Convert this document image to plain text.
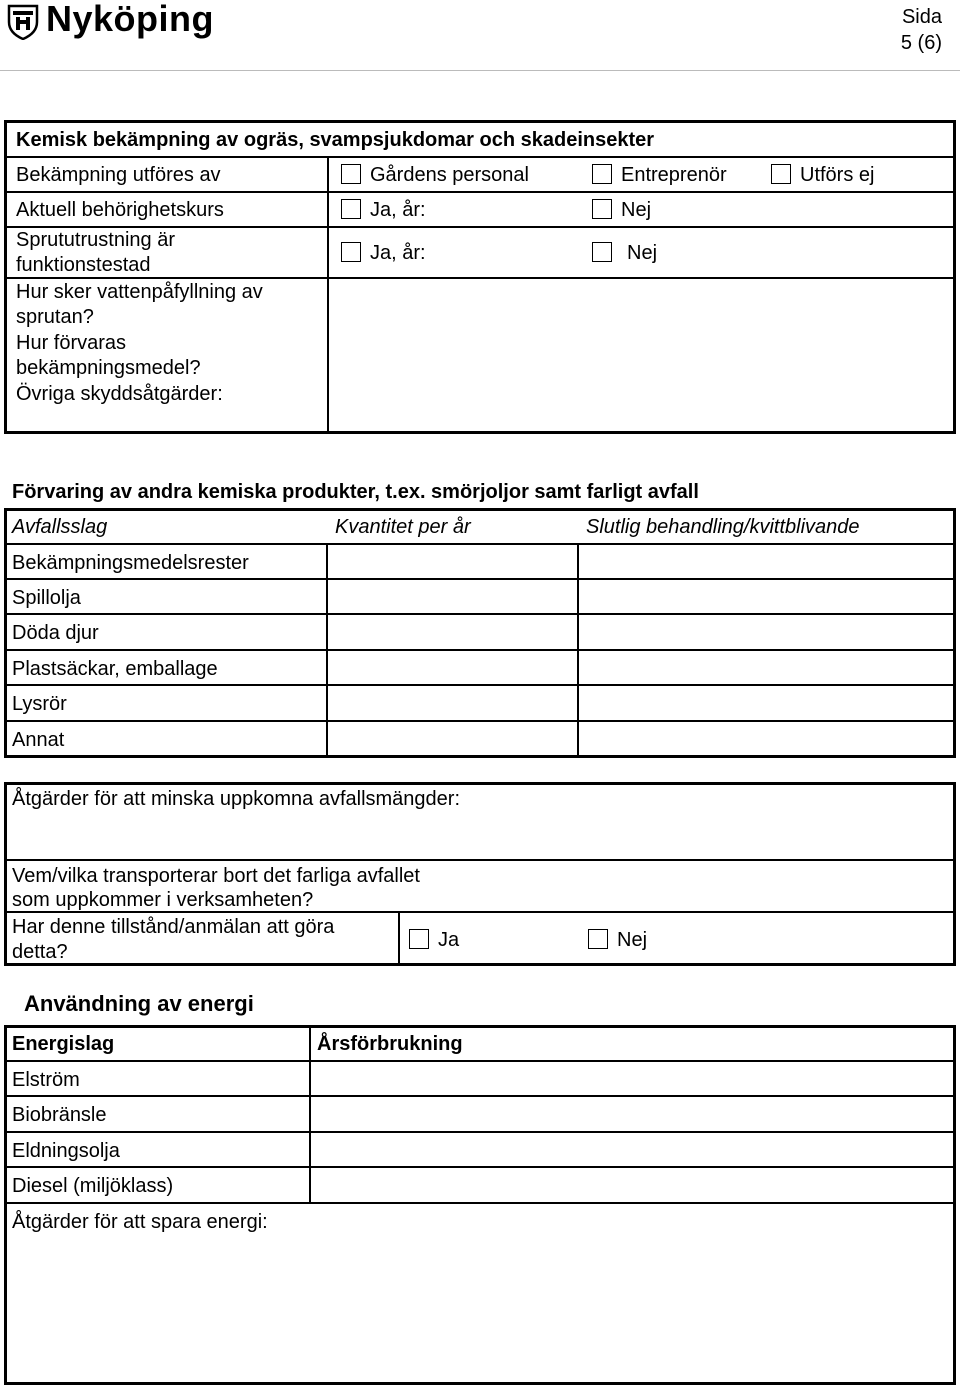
Nyköping	Sida
5 (6)
Kemisk bekämpning av ogräs, svampsjukdomar och skadeinsekter
Bekämpning utföres av	Gårdens personal	Entreprenör	Utförs ej
Aktuell behörighetskurs	Ja, år:	Nej
Sprututrustning är
funktionstestad
Ja, år:	Nej
Hur sker vattenpåfyllning av
sprutan?
Hur förvaras
bekämpningsmedel?
Övriga skyddsåtgärder:
Förvaring av andra kemiska produkter, t.ex. smörjoljor samt farligt avfall
Avfallsslag	Kvantitet per år	Slutlig behandling/kvittblivande
Bekämpningsmedelsrester
Spillolja
Döda djur
Plastsäckar, emballage
Lysrör
Annat
Åtgärder för att minska uppkomna avfallsmängder:
Vem/vilka transporterar bort det farliga avfallet
som uppkommer i verksamheten?
Har denne tillstånd/anmälan att göra
detta?
Ja	Nej
Användning av energi
Energislag	Årsförbrukning
Elström
Biobränsle
Eldningsolja
Diesel (miljöklass)
Åtgärder för att spara energi:
